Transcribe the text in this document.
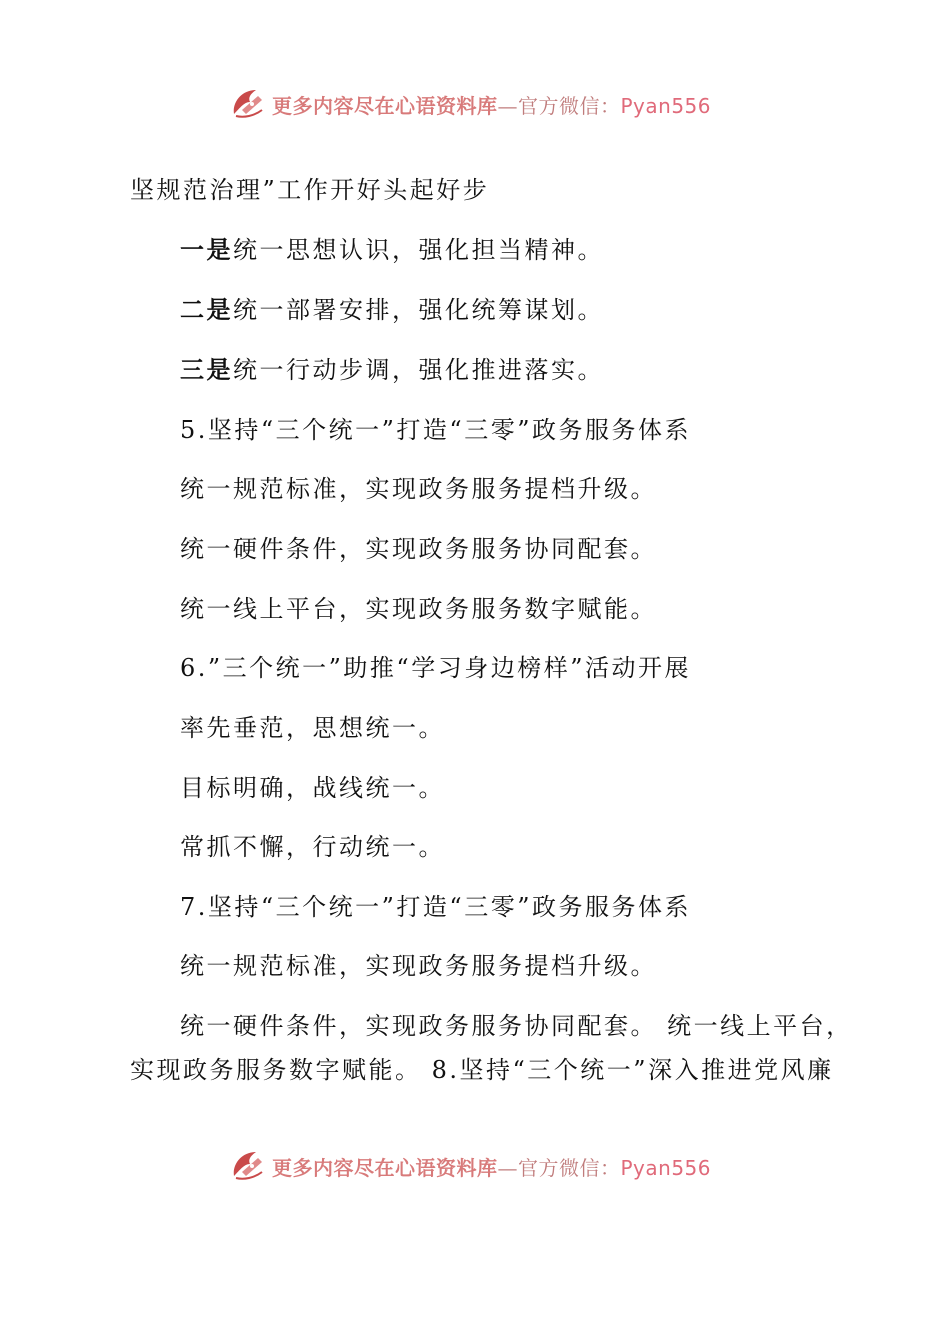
更多内容尽在心语资料库—官方微信：Pyan556
坚规范治理”工作开好头起好步
一是统一思想认识，强化担当精神。
二是统一部署安排，强化统筹谋划。
三是统一行动步调，强化推进落实。
5.坚持“三个统一”打造“三零”政务服务体系
统一规范标准，实现政务服务提档升级。
统一硬件条件，实现政务服务协同配套。
统一线上平台，实现政务服务数字赋能。
6.”三个统一”助推“学习身边榜样”活动开展
率先垂范，思想统一。
目标明确，战线统一。
常抓不懈，行动统一。
7.坚持“三个统一”打造“三零”政务服务体系
统一规范标准，实现政务服务提档升级。
统一硬件条件，实现政务服务协同配套。 统一线上平台，
实现政务服务数字赋能。 8.坚持“三个统一”深入推进党风廉
更多内容尽在心语资料库—官方微信：Pyan556
